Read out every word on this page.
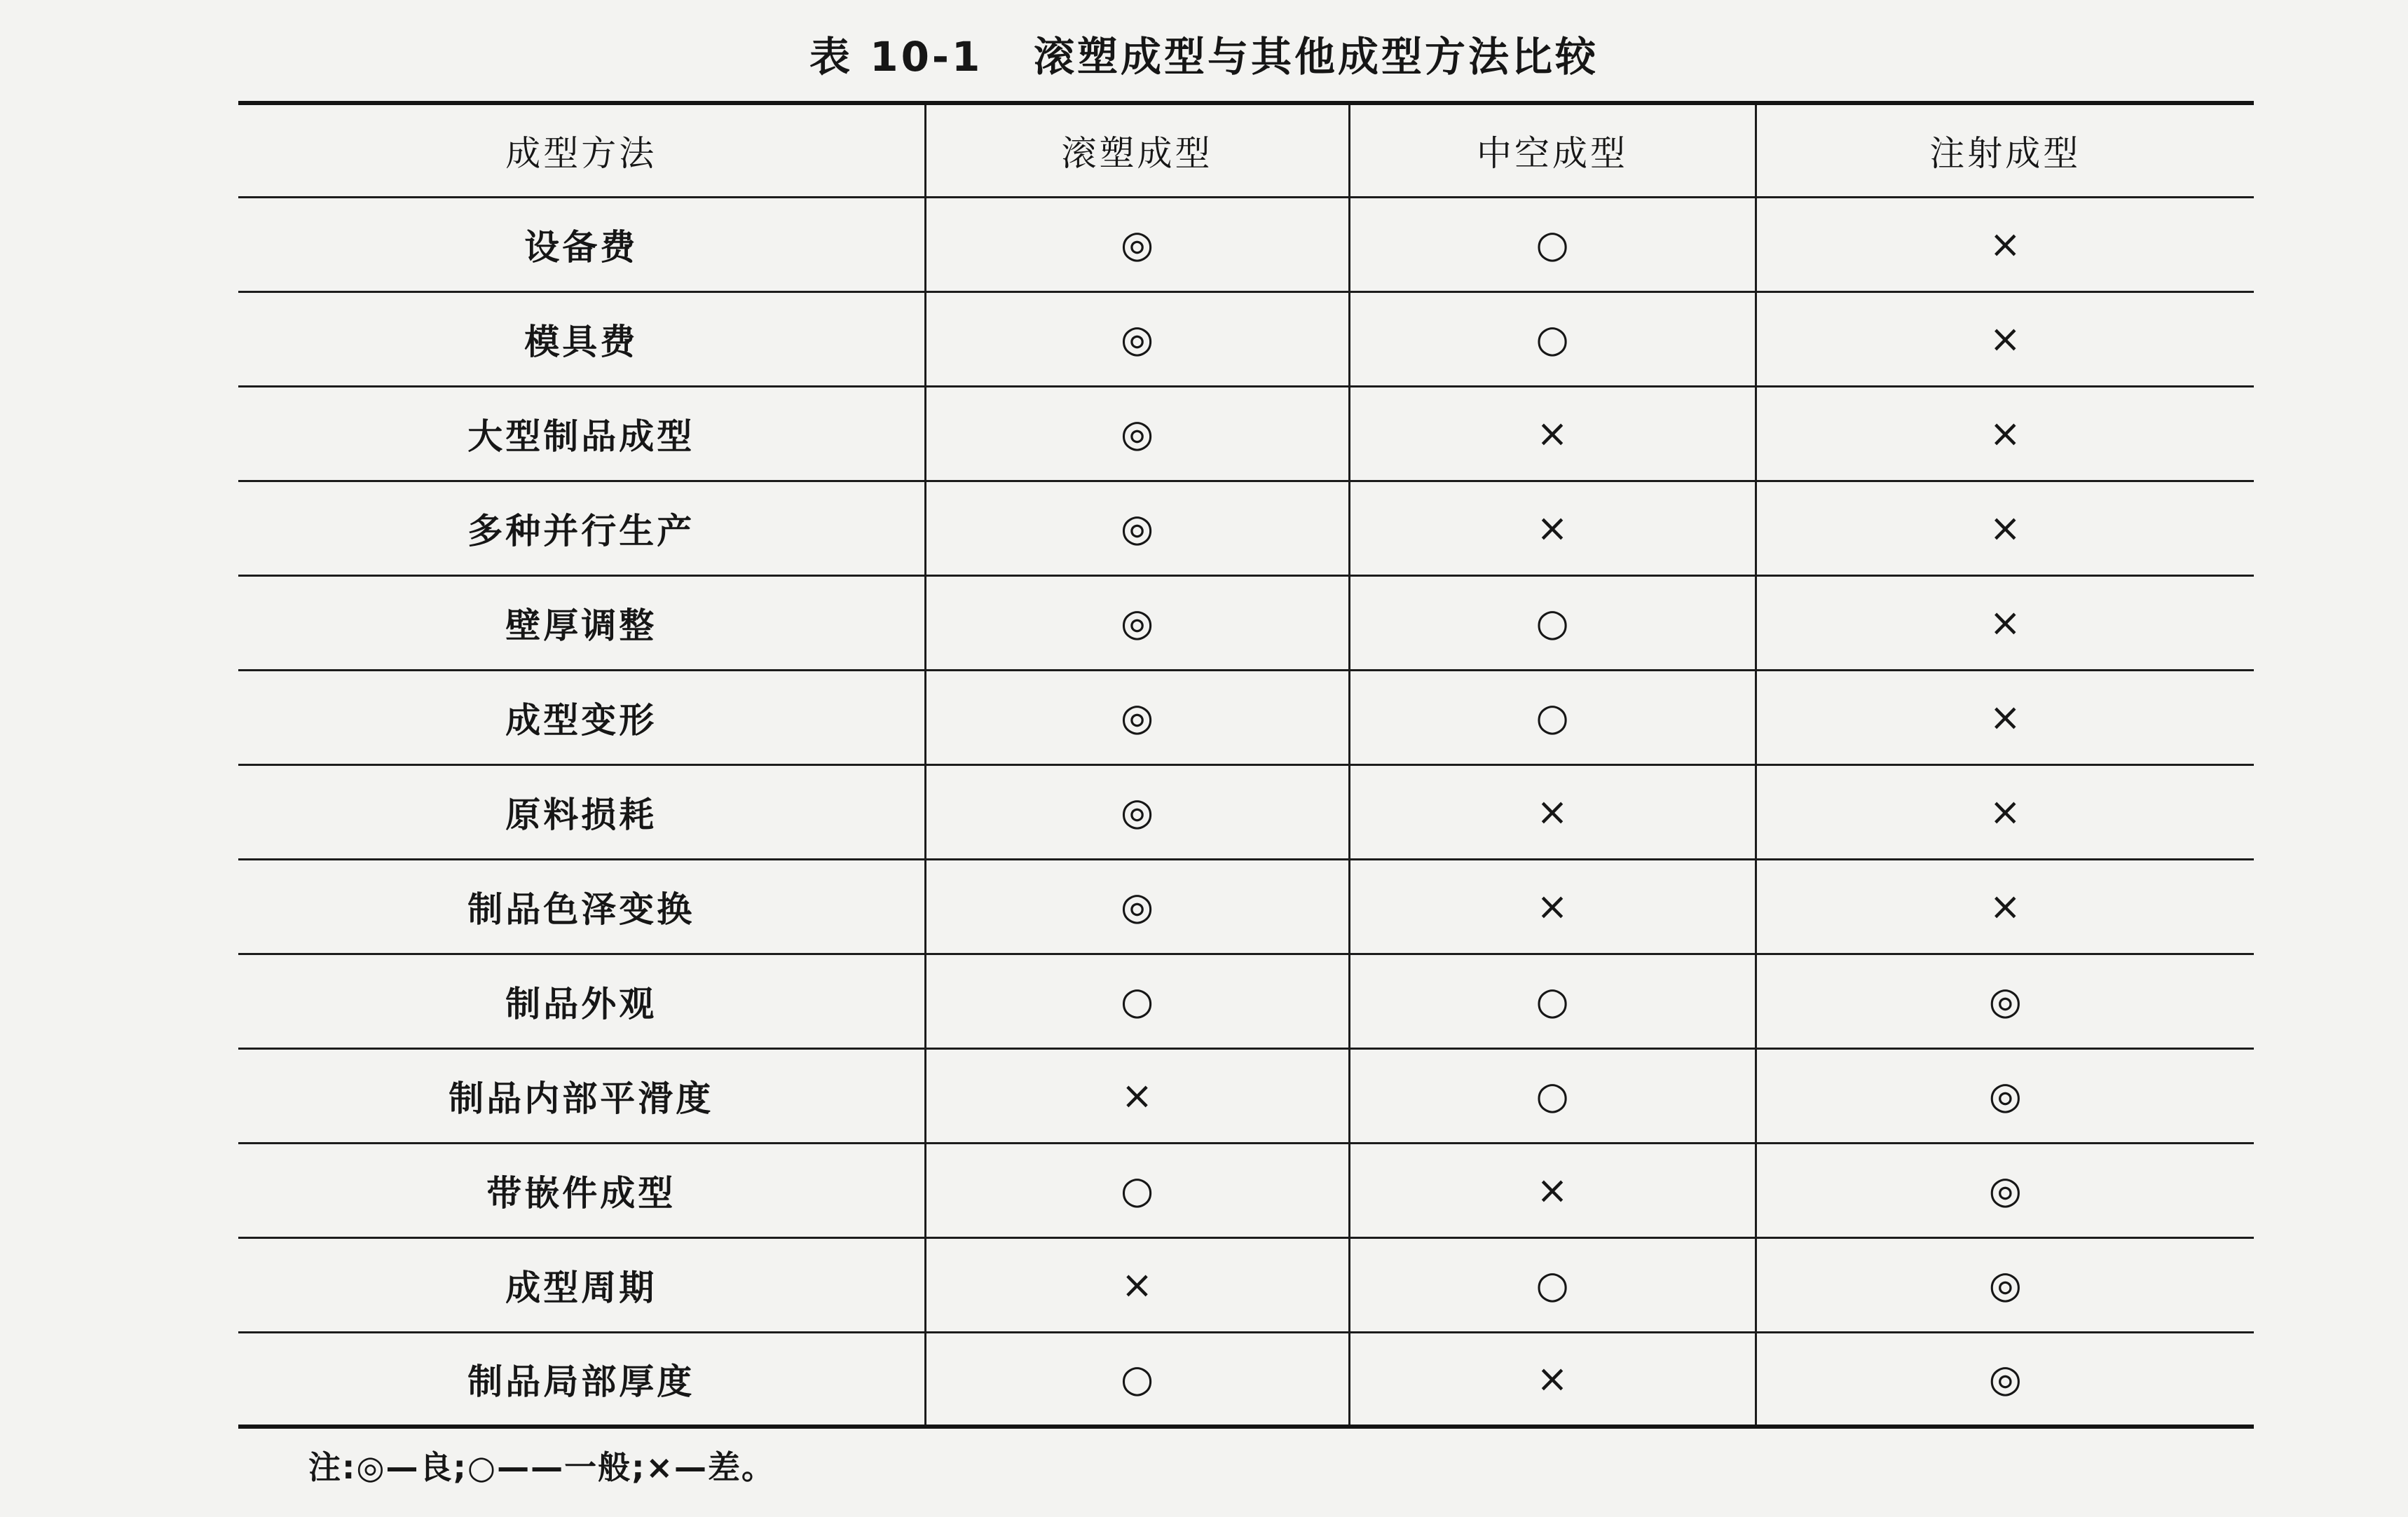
表 10-1   滚塑成型与其他成型方法比较
成型方法	滚塑成型	中空成型	注射成型
设备费	◎	○	×
模具费	◎	○	×
大型制品成型	◎	×	×
多种并行生产	◎	×	×
壁厚调整	◎	○	×
成型变形	◎	○	×
原料损耗	◎	×	×
制品色泽变换	◎	×	×
制品外观	○	○	◎
制品内部平滑度	×	○	◎
带嵌件成型	○	×	◎
成型周期	×	○	◎
制品局部厚度	○	×	◎
注:◎—良;○——一般;×—差。
